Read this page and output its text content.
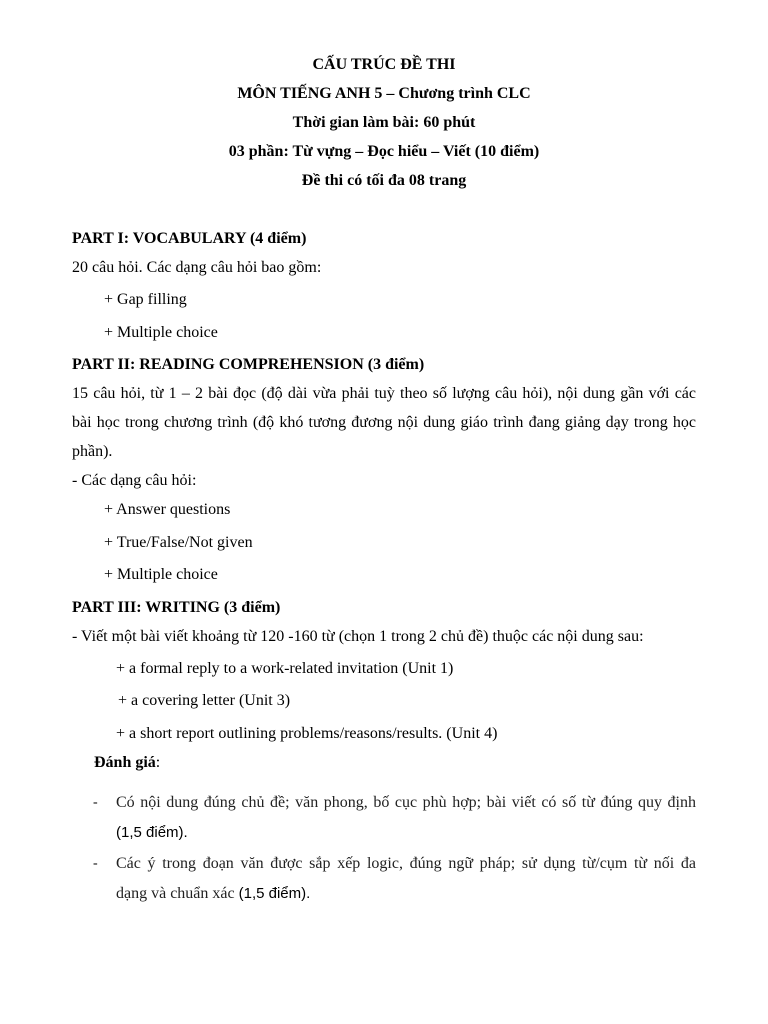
CẤU TRÚC ĐỀ THI
MÔN TIẾNG ANH 5 – Chương trình CLC
Thời gian làm bài: 60 phút
03 phần: Từ vựng – Đọc hiểu – Viết (10 điểm)
Đề thi có tối đa 08 trang
PART I: VOCABULARY (4 điểm)
20 câu hỏi. Các dạng câu hỏi bao gồm:
+ Gap filling
+ Multiple choice
PART II: READING COMPREHENSION (3 điểm)
15 câu hỏi, từ 1 – 2 bài đọc (độ dài vừa phải tuỳ theo số lượng câu hỏi), nội dung gần với các
bài học trong chương trình (độ khó tương đương nội dung giáo trình đang giảng dạy trong học
phần).
- Các dạng câu hỏi:
+ Answer questions
+ True/False/Not given
+ Multiple choice
PART III: WRITING (3 điểm)
- Viết một bài viết khoảng từ 120 -160 từ (chọn 1 trong 2 chủ đề) thuộc các nội dung sau:
+ a formal reply to a work-related invitation (Unit 1)
+ a covering letter (Unit 3)
+ a short report outlining problems/reasons/results. (Unit 4)
Đánh giá:
- Có nội dung đúng chủ đề; văn phong, bố cục phù hợp; bài viết có số từ đúng quy định
(1,5 điểm).
- Các ý trong đoạn văn được sắp xếp logic, đúng ngữ pháp; sử dụng từ/cụm từ nối đa
dạng và chuẩn xác (1,5 điểm).
